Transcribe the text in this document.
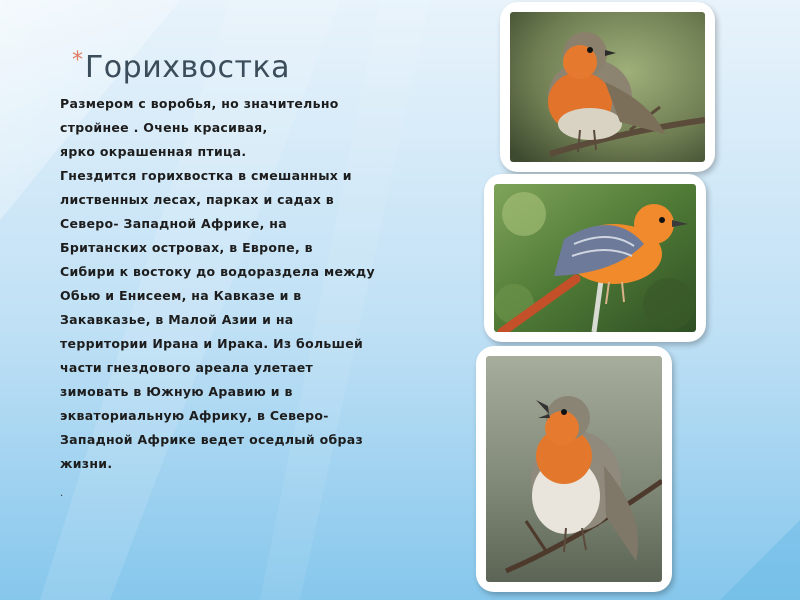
* Горихвостка
Размером с воробья, но значительно
стройнее . Очень красивая,
ярко окрашенная птица.
Гнездится горихвостка в смешанных и
лиственных лесах, парках и садах в
Северо- Западной Африке, на
Британских островах, в Европе, в
Сибири к востоку до водораздела между
Обью и Енисеем, на Кавказе и в
Закавказье, в Малой Азии и на
территории Ирана и Ирака. Из большей
части гнездового ареала улетает
зимовать в Южную Аравию и в
экваториальную Африку, в Северо-
Западной Африке ведет оседлый образ
жизни.
.
